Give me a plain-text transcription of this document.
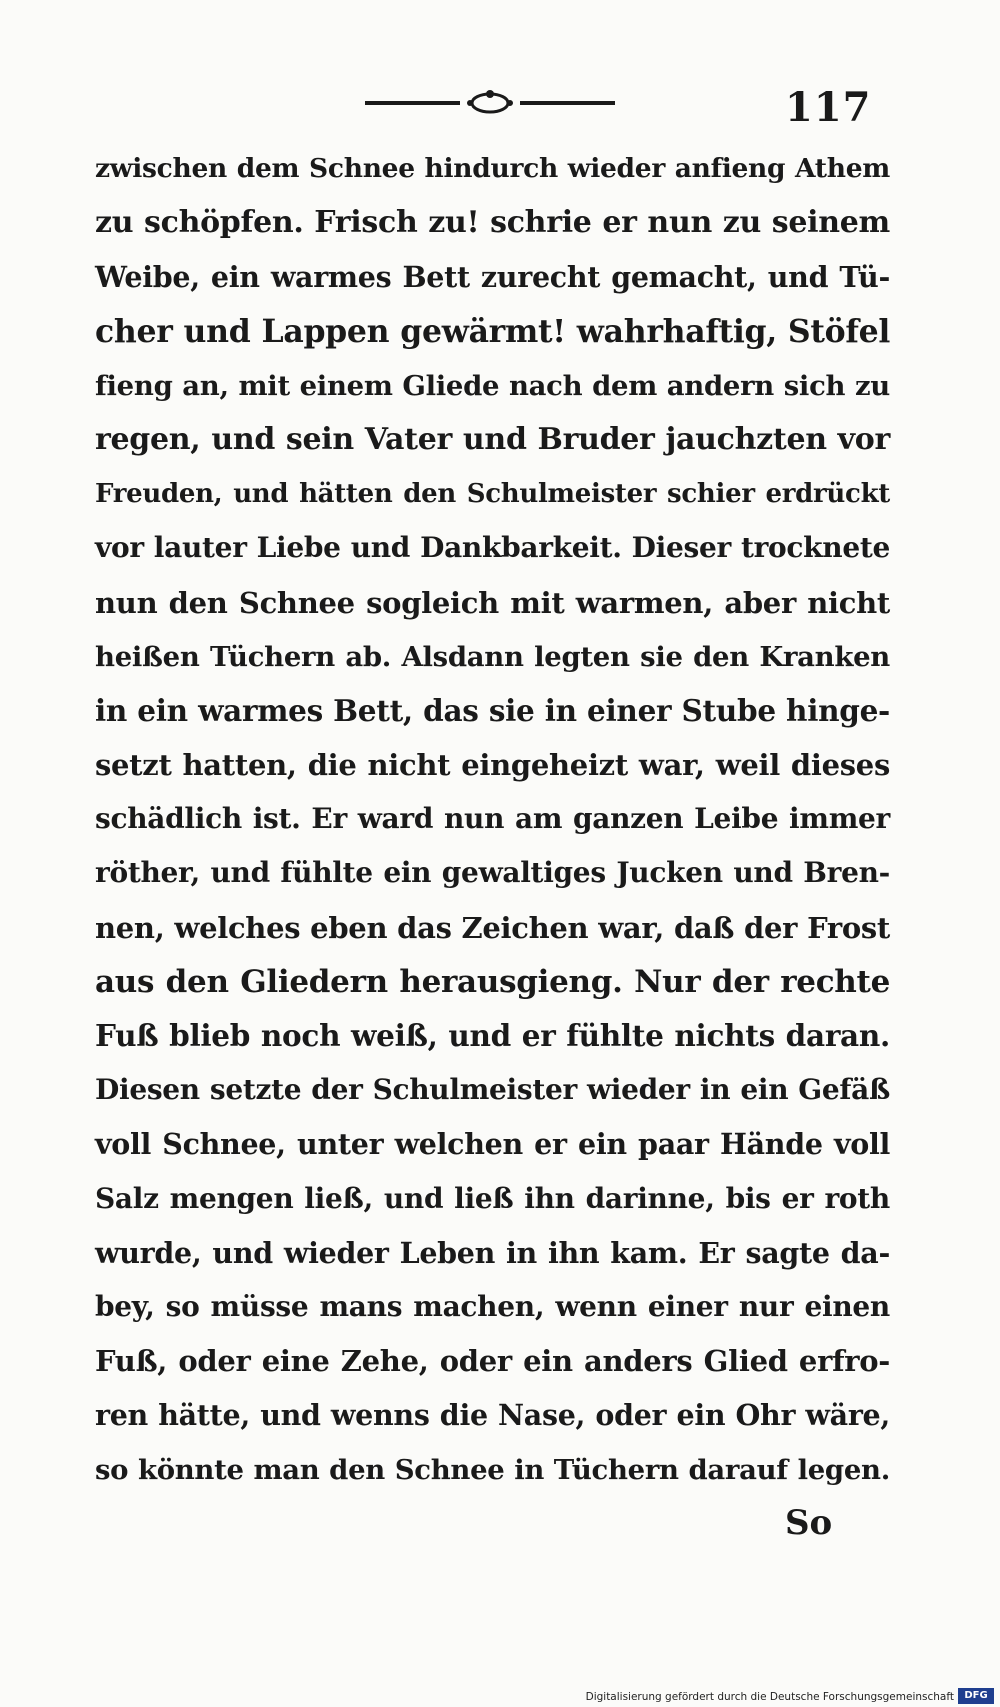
117
zwischen dem Schnee hindurch wieder anfieng Athem
zu schöpfen. Frisch zu! schrie er nun zu seinem
Weibe, ein warmes Bett zurecht gemacht, und Tü-
cher und Lappen gewärmt! wahrhaftig, Stöfel
fieng an, mit einem Gliede nach dem andern sich zu
regen, und sein Vater und Bruder jauchzten vor
Freuden, und hätten den Schulmeister schier erdrückt
vor lauter Liebe und Dankbarkeit. Dieser trocknete
nun den Schnee sogleich mit warmen, aber nicht
heißen Tüchern ab. Alsdann legten sie den Kranken
in ein warmes Bett, das sie in einer Stube hinge-
setzt hatten, die nicht eingeheizt war, weil dieses
schädlich ist. Er ward nun am ganzen Leibe immer
röther, und fühlte ein gewaltiges Jucken und Bren-
nen, welches eben das Zeichen war, daß der Frost
aus den Gliedern herausgieng. Nur der rechte
Fuß blieb noch weiß, und er fühlte nichts daran.
Diesen setzte der Schulmeister wieder in ein Gefäß
voll Schnee, unter welchen er ein paar Hände voll
Salz mengen ließ, und ließ ihn darinne, bis er roth
wurde, und wieder Leben in ihn kam. Er sagte da-
bey, so müsse mans machen, wenn einer nur einen
Fuß, oder eine Zehe, oder ein anders Glied erfro-
ren hätte, und wenns die Nase, oder ein Ohr wäre,
so könnte man den Schnee in Tüchern darauf legen.
So
Digitalisierung gefördert durch die Deutsche Forschungsgemeinschaft	DFG
